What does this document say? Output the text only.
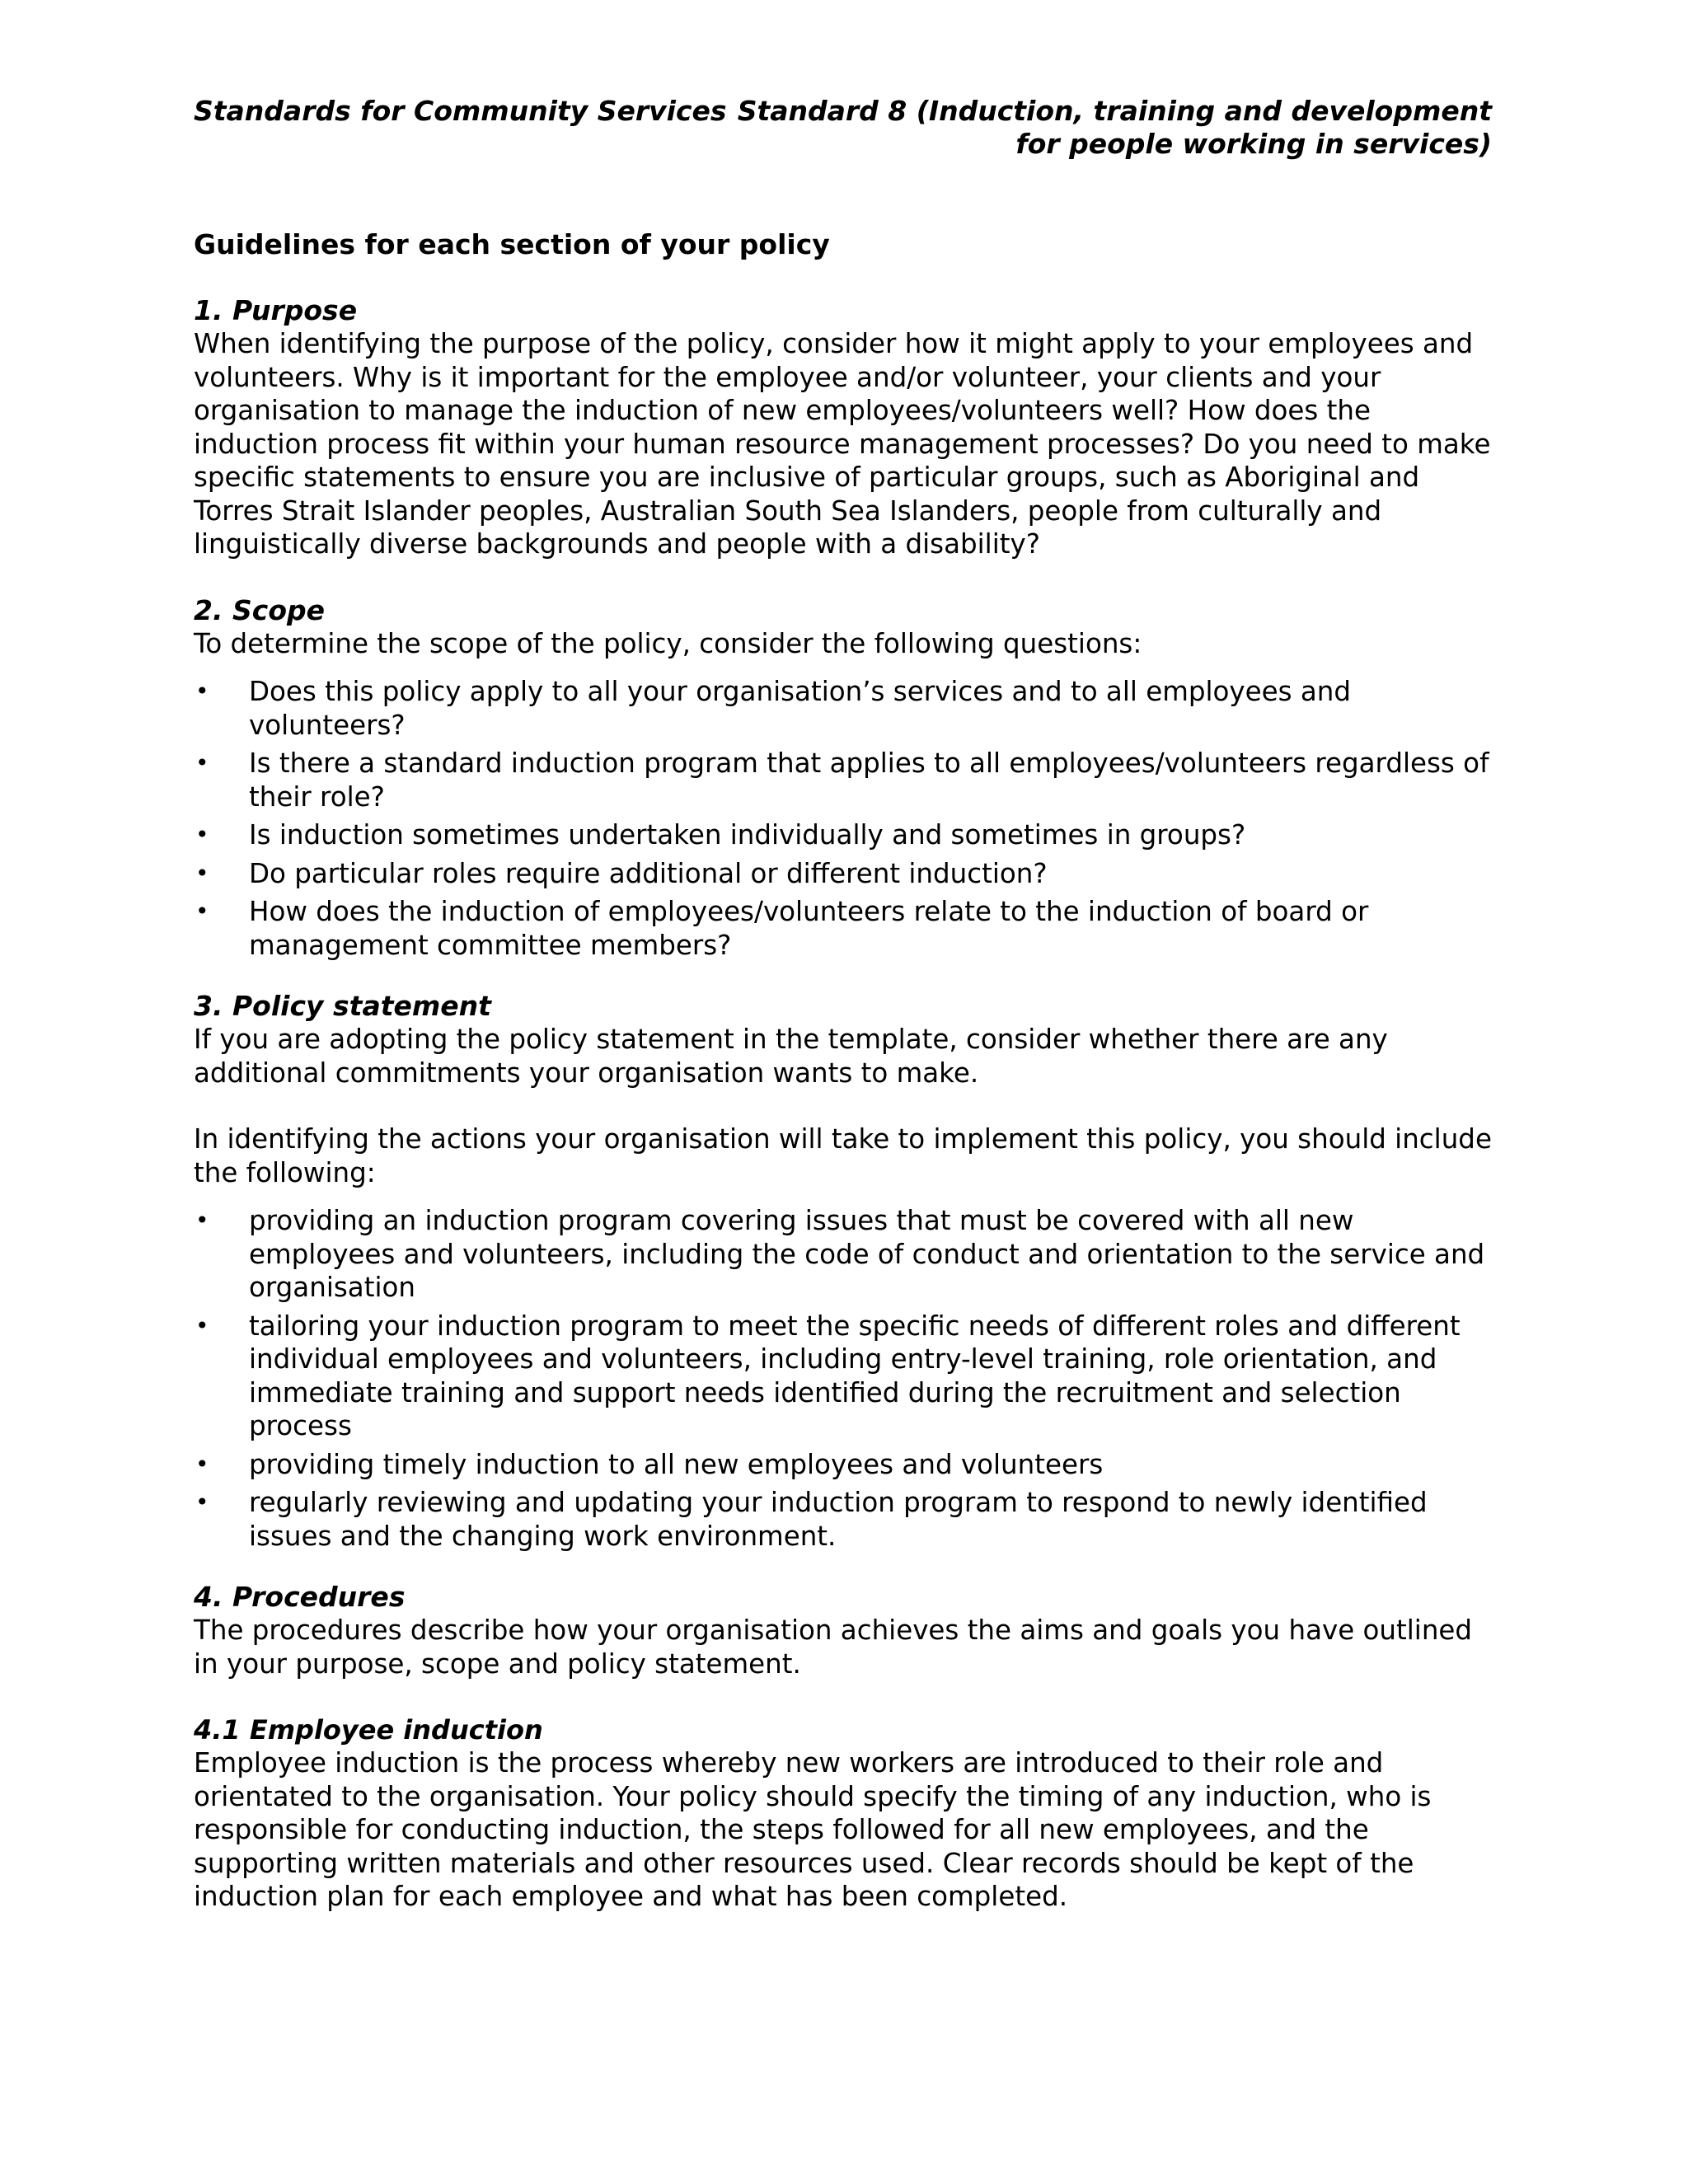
Standards for Community Services Standard 8 (Induction, training and development
for people working in services)
Guidelines for each section of your policy
1. Purpose

When identifying the purpose of the policy, consider how it might apply to your employees and volunteers. Why is it important for the employee and/or volunteer, your clients and your organisation to manage the induction of new employees/volunteers well? How does the induction process fit within your human resource management processes? Do you need to make specific statements to ensure you are inclusive of particular groups, such as Aboriginal and Torres Strait Islander peoples, Australian South Sea Islanders, people from culturally and linguistically diverse backgrounds and people with a disability?

2. Scope

To determine the scope of the policy, consider the following questions:

• Does this policy apply to all your organisation’s services and to all employees and volunteers?
• Is there a standard induction program that applies to all employees/volunteers regardless of their role?
• Is induction sometimes undertaken individually and sometimes in groups?
• Do particular roles require additional or different induction?
• How does the induction of employees/volunteers relate to the induction of board or management committee members?
3. Policy statement

If you are adopting the policy statement in the template, consider whether there are any additional commitments your organisation wants to make.

In identifying the actions your organisation will take to implement this policy, you should include the following:

• providing an induction program covering issues that must be covered with all new employees and volunteers, including the code of conduct and orientation to the service and organisation
• tailoring your induction program to meet the specific needs of different roles and different individual employees and volunteers, including entry-level training, role orientation, and immediate training and support needs identified during the recruitment and selection process
• providing timely induction to all new employees and volunteers
• regularly reviewing and updating your induction program to respond to newly identified issues and the changing work environment.
4. Procedures

The procedures describe how your organisation achieves the aims and goals you have outlined in your purpose, scope and policy statement.

4.1 Employee induction

Employee induction is the process whereby new workers are introduced to their role and orientated to the organisation. Your policy should specify the timing of any induction, who is responsible for conducting induction, the steps followed for all new employees, and the supporting written materials and other resources used. Clear records should be kept of the induction plan for each employee and what has been completed.
